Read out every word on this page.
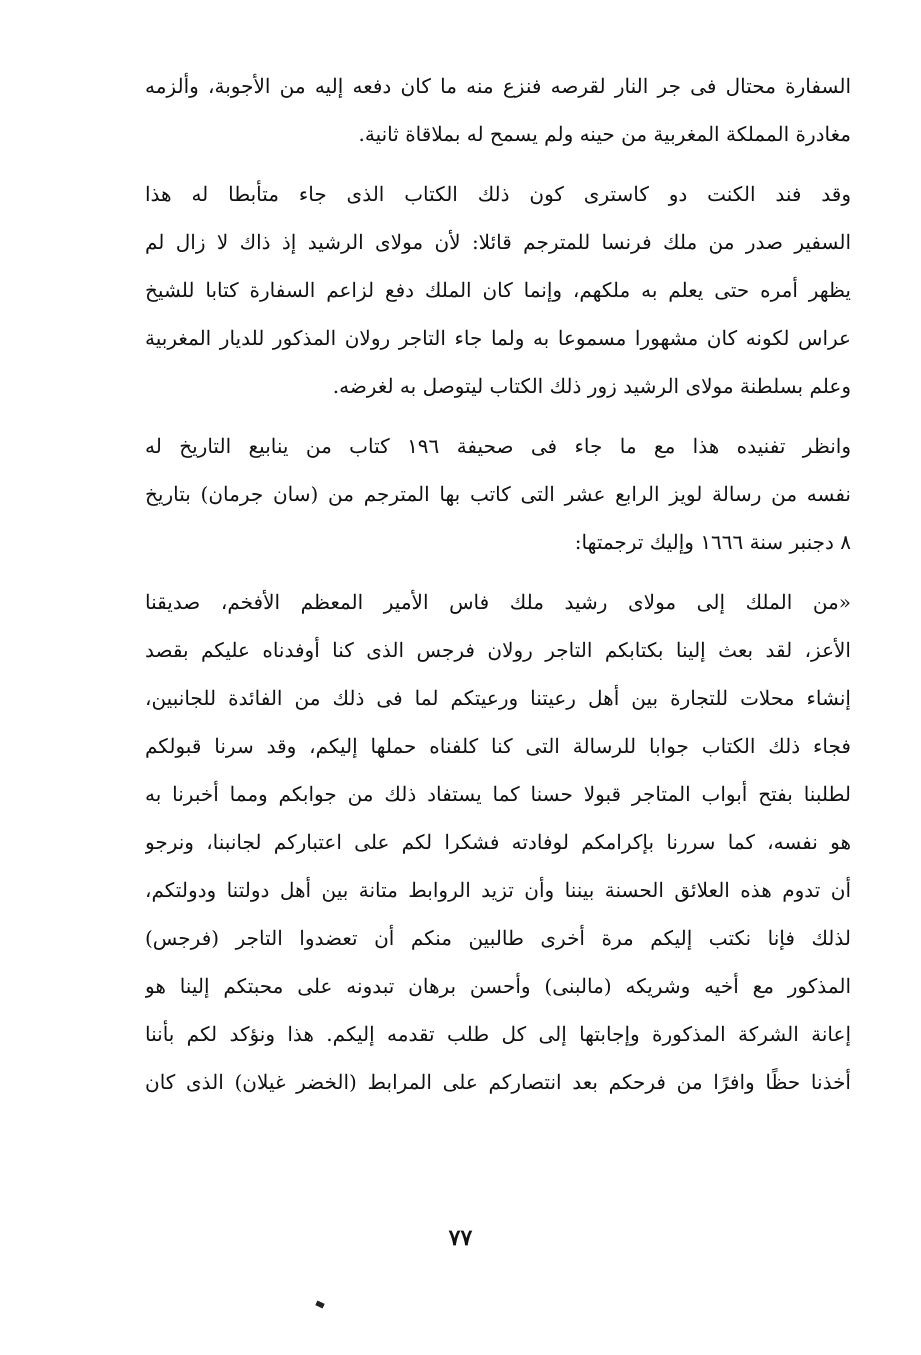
السفارة محتال فى جر النار لقرصه فنزع منه ما كان دفعه إليه من الأجوبة، وألزمه
مغادرة المملكة المغربية من حينه ولم يسمح له بملاقاة ثانية.

وقد فند الكنت دو كاسترى كون ذلك الكتاب الذى جاء متأبطا له هذا
السفير صدر من ملك فرنسا للمترجم قائلا: لأن مولاى الرشيد إذ ذاك لا زال لم
يظهر أمره حتى يعلم به ملكهم، وإنما كان الملك دفع لزاعم السفارة كتابا للشيخ
عراس لكونه كان مشهورا مسموعا به ولما جاء التاجر رولان المذكور للديار المغربية
وعلم بسلطنة مولاى الرشيد زور ذلك الكتاب ليتوصل به لغرضه.

وانظر تفنيده هذا مع ما جاء فى صحيفة ١٩٦ كتاب من ينابيع التاريخ له
نفسه من رسالة لويز الرابع عشر التى كاتب بها المترجم من (سان جرمان) بتاريخ
٨ دجنبر سنة ١٦٦٦ وإليك ترجمتها:

«من الملك إلى مولاى رشيد ملك فاس الأمير المعظم الأفخم، صديقنا
الأعز، لقد بعث إلينا بكتابكم التاجر رولان فرجس الذى كنا أوفدناه عليكم بقصد
إنشاء محلات للتجارة بين أهل رعيتنا ورعيتكم لما فى ذلك من الفائدة للجانبين،
فجاء ذلك الكتاب جوابا للرسالة التى كنا كلفناه حملها إليكم، وقد سرنا قبولكم
لطلبنا بفتح أبواب المتاجر قبولا حسنا كما يستفاد ذلك من جوابكم ومما أخبرنا به
هو نفسه، كما سررنا بإكرامكم لوفادته فشكرا لكم على اعتباركم لجانبنا، ونرجو
أن تدوم هذه العلائق الحسنة بيننا وأن تزيد الروابط متانة بين أهل دولتنا ودولتكم،
لذلك فإنا نكتب إليكم مرة أخرى طالبين منكم أن تعضدوا التاجر (فرجس)
المذكور مع أخيه وشريكه (مالبنى) وأحسن برهان تبدونه على محبتكم إلينا هو
إعانة الشركة المذكورة وإجابتها إلى كل طلب تقدمه إليكم. هذا ونؤكد لكم بأننا
أخذنا حظًا وافرًا من فرحكم بعد انتصاركم على المرابط (الخضر غيلان) الذى كان

٧٧
